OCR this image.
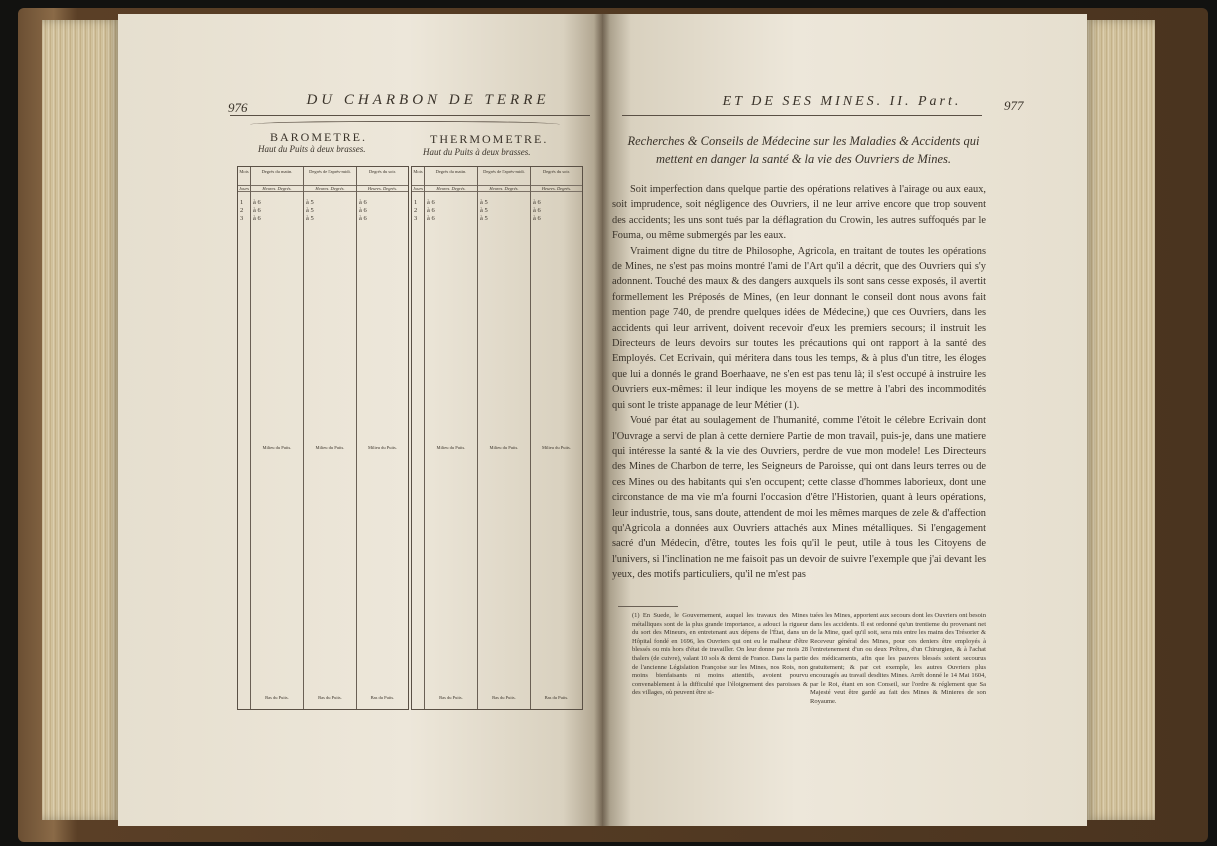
976	DU CHARBON DE TERRE
BAROMETRE.
Haut du Puits à deux brasses.
THERMOMETRE.
Haut du Puits à deux brasses.
Mois
Jours
1
2
3
Degrés du matin.
Heures. Degrés.
à 6
à 6
à 6
Milieu du Puits.
Bas du Puits.
Degrés de l'après-midi.
Heures. Degrés.
à 5
à 5
à 5
Milieu du Puits.
Bas du Puits.
Degrés du soir.
Heures. Degrés.
à 6
à 6
à 6
Milieu du Puits.
Bas du Puits.
Mois
Jours
1
2
3
Degrés du matin.
Heures. Degrés.
à 6
à 6
à 6
Milieu du Puits.
Bas du Puits.
Degrés de l'après-midi.
Heures. Degrés.
à 5
à 5
à 5
Milieu du Puits.
Bas du Puits.
Degrés du soir.
Heures. Degrés.
à 6
à 6
à 6
Milieu du Puits.
Bas du Puits.
ET DE SES MINES. II. Part.	977
Recherches & Conseils de Médecine sur les Maladies & Accidents qui mettent en danger la santé & la vie des Ouvriers de Mines.

Soit imperfection dans quelque partie des opérations relatives à l'airage ou aux eaux, soit imprudence, soit négligence des Ouvriers, il ne leur arrive encore que trop souvent des accidents; les uns sont tués par la déflagration du Crowin, les autres suffoqués par le Fouma, ou même submergés par les eaux.

Vraiment digne du titre de Philosophe, Agricola, en traitant de toutes les opérations de Mines, ne s'est pas moins montré l'ami de l'Art qu'il a décrit, que des Ouvriers qui s'y adonnent. Touché des maux & des dangers auxquels ils sont sans cesse exposés, il avertit formellement les Préposés de Mines, (en leur donnant le conseil dont nous avons fait mention page 740, de prendre quelques idées de Médecine,) que ces Ouvriers, dans les accidents qui leur arrivent, doivent recevoir d'eux les premiers secours; il instruit les Directeurs de leurs devoirs sur toutes les précautions qui ont rapport à la santé des Employés. Cet Ecrivain, qui méritera dans tous les temps, & à plus d'un titre, les éloges que lui a donnés le grand Boerhaave, ne s'en est pas tenu là; il s'est occupé à instruire les Ouvriers eux-mêmes: il leur indique les moyens de se mettre à l'abri des incommodités qui sont le triste appanage de leur Métier (1).

Voué par état au soulagement de l'humanité, comme l'étoit le célebre Ecrivain dont l'Ouvrage a servi de plan à cette derniere Partie de mon travail, puis-je, dans une matiere qui intéresse la santé & la vie des Ouvriers, perdre de vue mon modele! Les Directeurs des Mines de Charbon de terre, les Seigneurs de Paroisse, qui ont dans leurs terres ou de ces Mines ou des habitants qui s'en occupent; cette classe d'hommes laborieux, dont une circonstance de ma vie m'a fourni l'occasion d'être l'Historien, quant à leurs opérations, leur industrie, tous, sans doute, attendent de moi les mêmes marques de zele & d'affection qu'Agricola a données aux Ouvriers attachés aux Mines métalliques. Si l'engagement sacré d'un Médecin, d'être, toutes les fois qu'il le peut, utile à tous les Citoyens de l'univers, si l'inclination ne me faisoit pas un devoir de suivre l'exemple que j'ai devant les yeux, des motifs particuliers, qu'il ne m'est pas

(1) En Suede, le Gouvernement, auquel les travaux des Mines métalliques sont de la plus grande importance, a adouci la rigueur du sort des Mineurs, en entretenant aux dépens de l'État, dans un Hôpital fondé en 1696, les Ouvriers qui ont eu le malheur d'être blessés ou mis hors d'état de travailler. On leur donne par mois 28 thalers (de cuivre), valant 10 sols & demi de France. Dans la partie de l'ancienne Législation Françoise sur les Mines, nos Rois, non moins bienfaisants ni moins attentifs, avoient pourvu convenablement à la difficulté que l'éloignement des paroisses & des villages, où peuvent être si-

tuées les Mines, apportent aux secours dont les Ouvriers ont besoin dans les accidents. Il est ordonné qu'un trentieme du provenant net de la Mine, quel qu'il soit, sera mis entre les mains des Trésorier & Receveur général des Mines, pour ces deniers être employés à l'entretenement d'un ou deux Prêtres, d'un Chirurgien, & à l'achat des médicaments, afin que les pauvres blessés soient secourus gratuitement; & par cet exemple, les autres Ouvriers plus encouragés au travail desdites Mines. Arrêt donné le 14 Mai 1604, par le Roi, étant en son Conseil, sur l'ordre & réglement que Sa Majesté veut être gardé au fait des Mines & Minieres de son Royaume.
